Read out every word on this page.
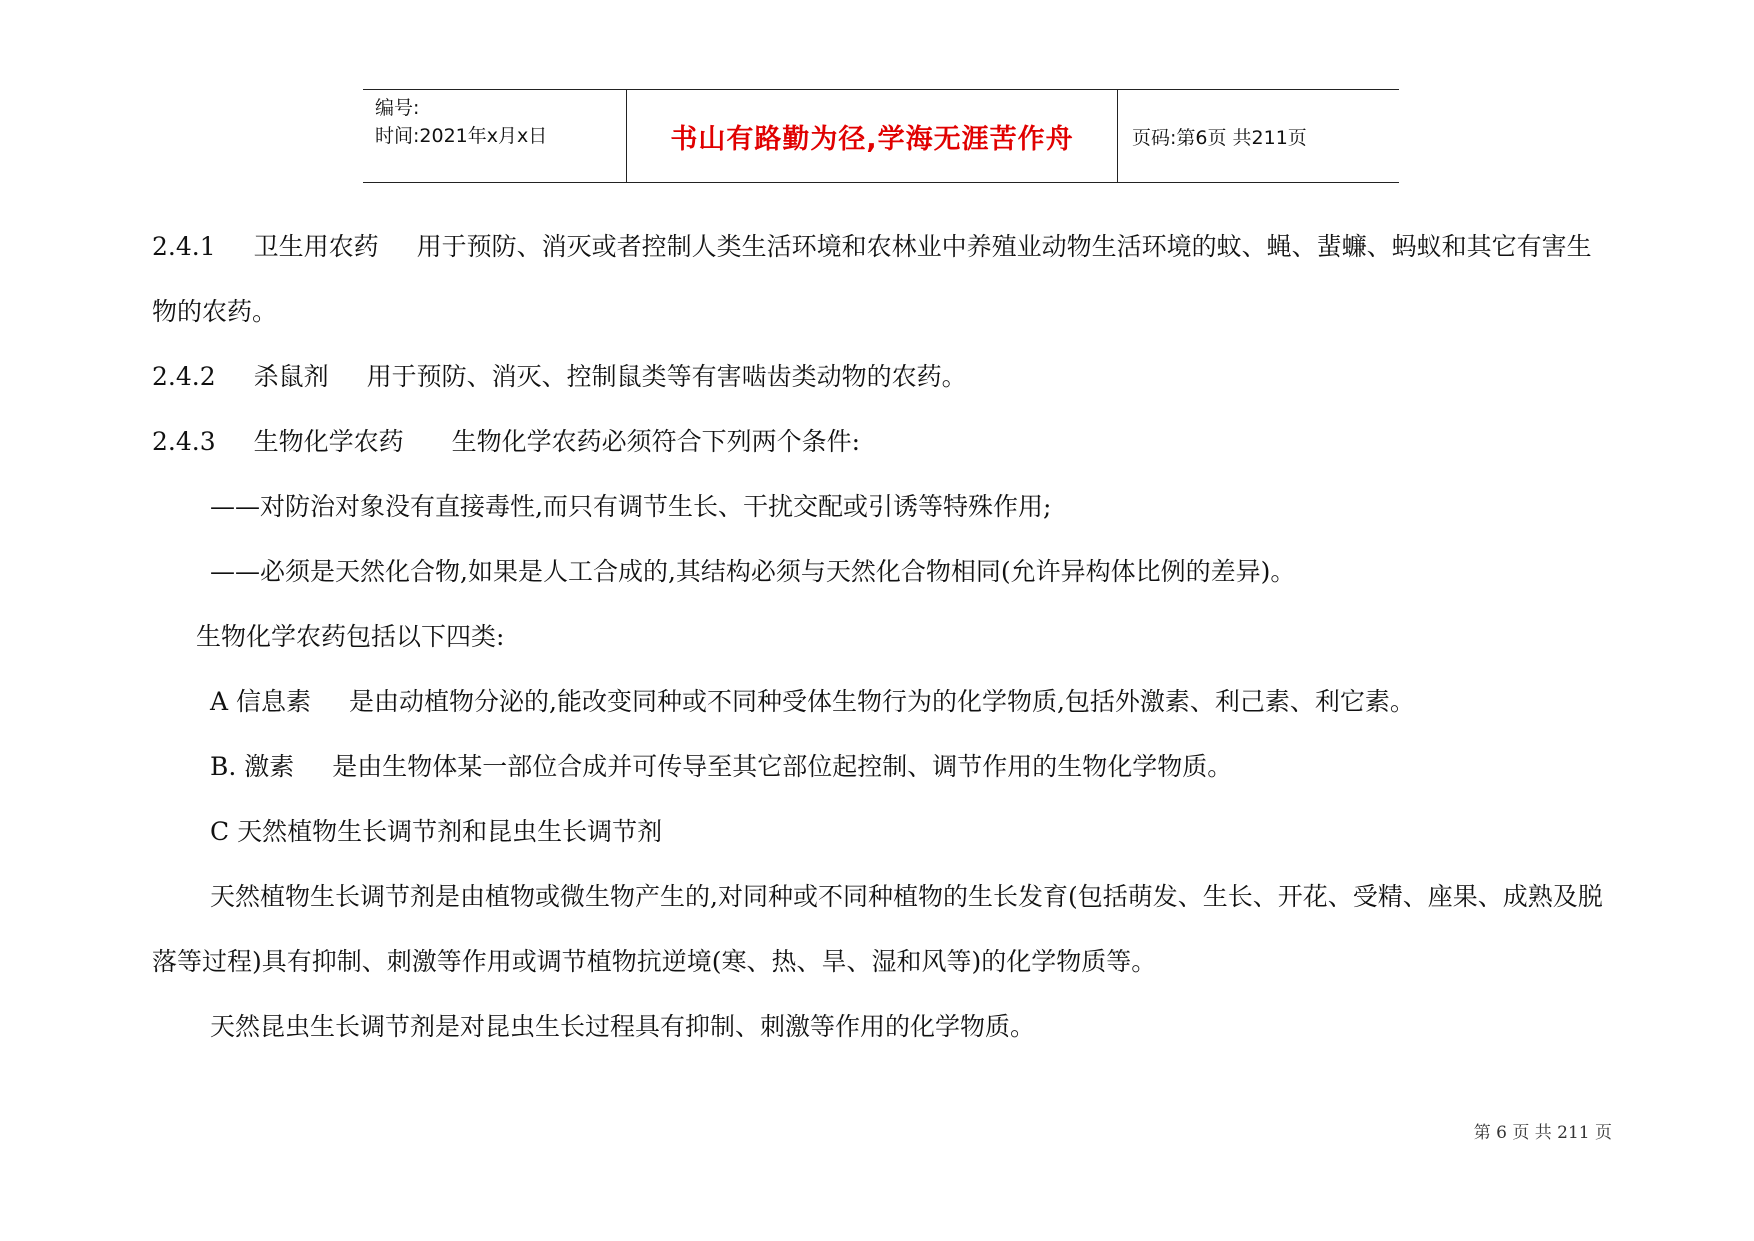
编号:
时间:2021年x月x日	书山有路勤为径,学海无涯苦作舟	页码:第6页 共211页

2.4.1 卫生用农药 用于预防、消灭或者控制人类生活环境和农林业中养殖业动物生活环境的蚊、蝇、蜚蠊、蚂蚁和其它有害生物的农药。

2.4.2 杀鼠剂 用于预防、消灭、控制鼠类等有害啮齿类动物的农药。

2.4.3 生物化学农药 生物化学农药必须符合下列两个条件:

——对防治对象没有直接毒性,而只有调节生长、干扰交配或引诱等特殊作用;

——必须是天然化合物,如果是人工合成的,其结构必须与天然化合物相同(允许异构体比例的差异)。

生物化学农药包括以下四类:

A 信息素 是由动植物分泌的,能改变同种或不同种受体生物行为的化学物质,包括外激素、利己素、利它素。

B. 激素 是由生物体某一部位合成并可传导至其它部位起控制、调节作用的生物化学物质。

C 天然植物生长调节剂和昆虫生长调节剂

天然植物生长调节剂是由植物或微生物产生的,对同种或不同种植物的生长发育(包括萌发、生长、开花、受精、座果、成熟及脱落等过程)具有抑制、刺激等作用或调节植物抗逆境(寒、热、旱、湿和风等)的化学物质等。

天然昆虫生长调节剂是对昆虫生长过程具有抑制、刺激等作用的化学物质。

第 6 页 共 211 页
